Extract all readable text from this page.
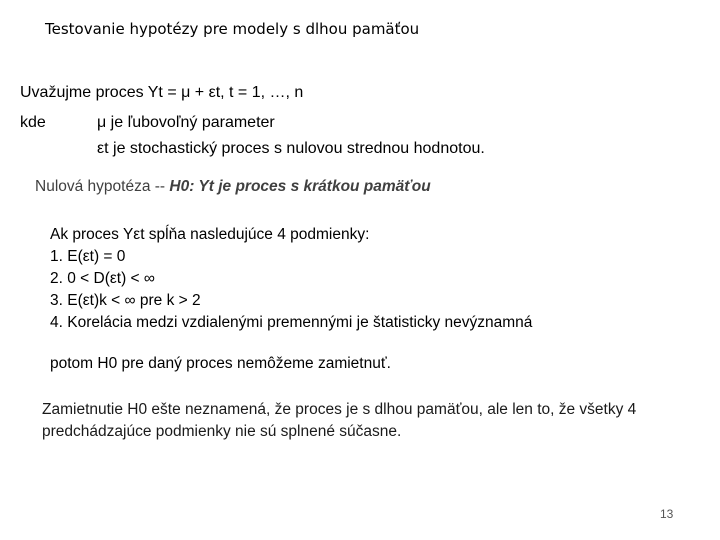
Testovanie hypotézy pre modely s dlhou pamäťou
Uvažujme proces Yt = μ + εt, t = 1, …, n
kde	μ je ľubovoľný parameter
εt je stochastický proces s nulovou strednou hodnotou.
Nulová hypotéza -- H0: Yt je proces s krátkou pamäťou
Ak proces Yεt spĺňa nasledujúce 4 podmienky:
1. E(εt) = 0
2. 0 < D(εt) < ∞
3. E(εt)k < ∞ pre k > 2
4. Korelácia medzi vzdialenými premennými je štatisticky nevýznamná
potom H0 pre daný proces nemôžeme zamietnuť.
Zamietnutie H0 ešte neznamená, že proces je s dlhou pamäťou, ale len to, že všetky 4
predchádzajúce podmienky nie sú splnené súčasne.
13
